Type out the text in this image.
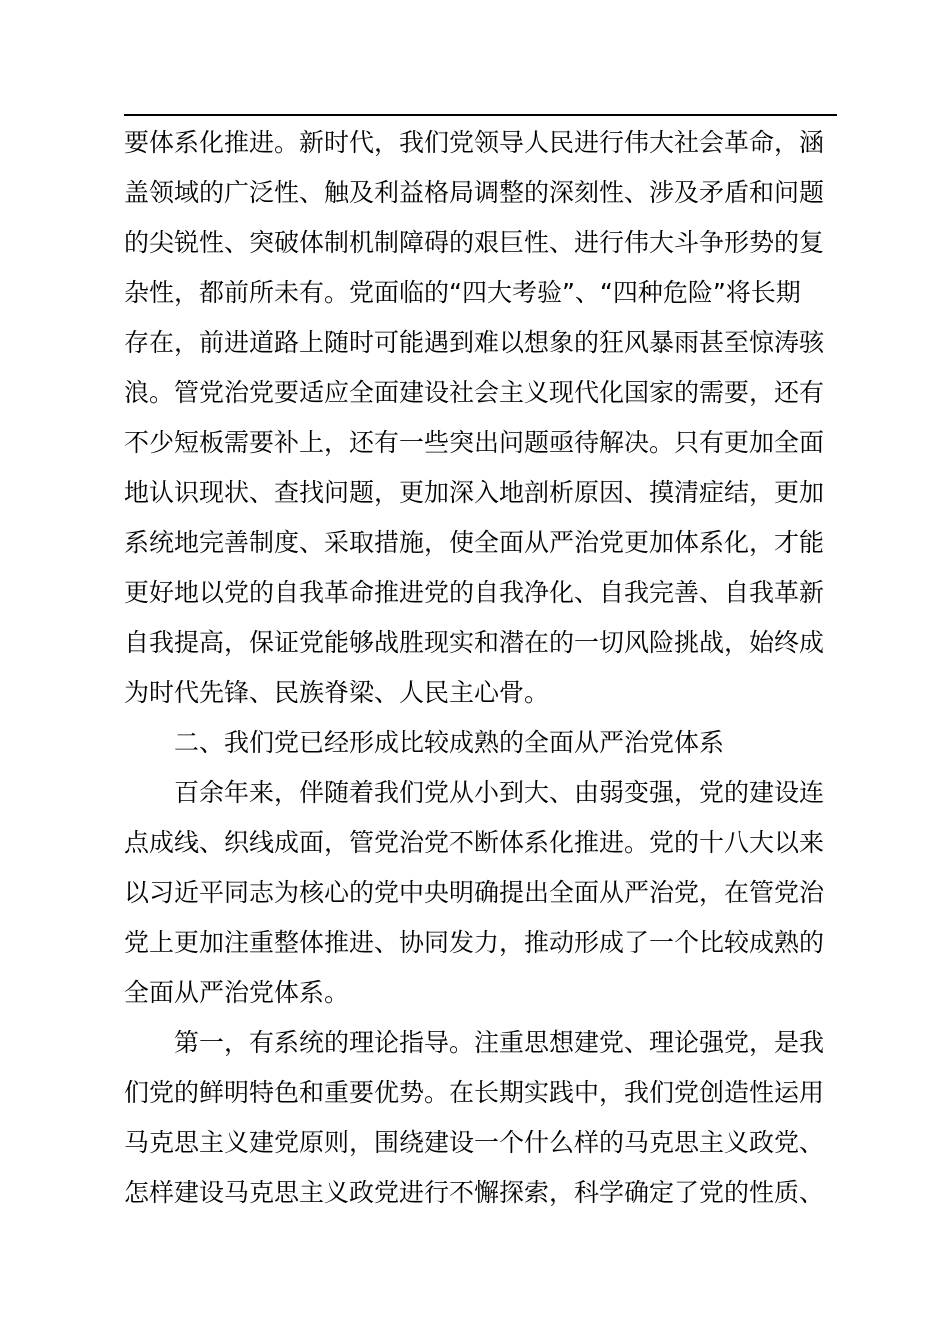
要体系化推进。新时代，我们党领导人民进行伟大社会革命，涵
盖领域的广泛性、触及利益格局调整的深刻性、涉及矛盾和问题
的尖锐性、突破体制机制障碍的艰巨性、进行伟大斗争形势的复
杂性，都前所未有。党面临的“四大考验”、“四种危险”将长期
存在，前进道路上随时可能遇到难以想象的狂风暴雨甚至惊涛骇
浪。管党治党要适应全面建设社会主义现代化国家的需要，还有
不少短板需要补上，还有一些突出问题亟待解决。只有更加全面
地认识现状、查找问题，更加深入地剖析原因、摸清症结，更加
系统地完善制度、采取措施，使全面从严治党更加体系化，才能
更好地以党的自我革命推进党的自我净化、自我完善、自我革新
自我提高，保证党能够战胜现实和潜在的一切风险挑战，始终成
为时代先锋、民族脊梁、人民主心骨。
二、我们党已经形成比较成熟的全面从严治党体系
百余年来，伴随着我们党从小到大、由弱变强，党的建设连
点成线、织线成面，管党治党不断体系化推进。党的十八大以来
以习近平同志为核心的党中央明确提出全面从严治党，在管党治
党上更加注重整体推进、协同发力，推动形成了一个比较成熟的
全面从严治党体系。
第一，有系统的理论指导。注重思想建党、理论强党，是我
们党的鲜明特色和重要优势。在长期实践中，我们党创造性运用
马克思主义建党原则，围绕建设一个什么样的马克思主义政党、
怎样建设马克思主义政党进行不懈探索，科学确定了党的性质、
